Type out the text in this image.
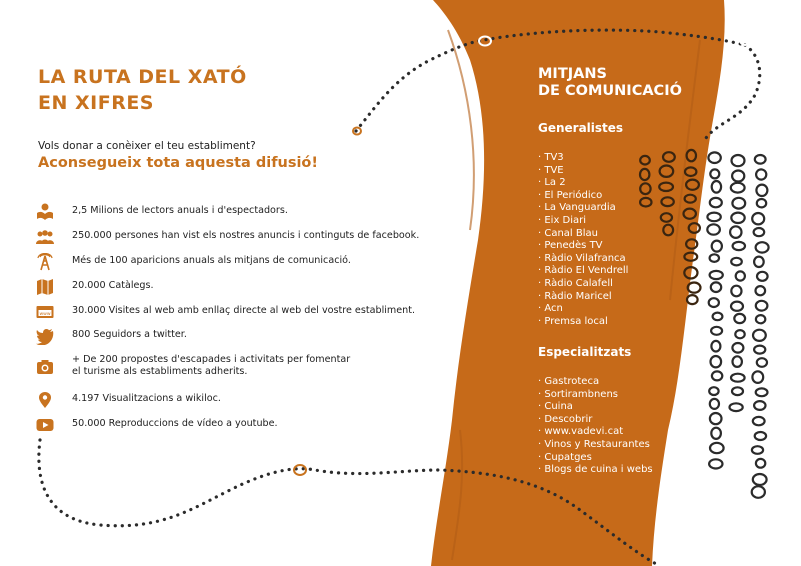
LA RUTA DEL XATÓ
EN XIFRES
Vols donar a conèixer el teu establiment?
Aconsegueix tota aquesta difusió!
2,5 Milions de lectors anuals i d'espectadors.
250.000 persones han vist els nostres anuncis i continguts de facebook.
Més de 100 aparicions anuals als mitjans de comunicació.
20.000 Catàlegs.
www 30.000 Visites al web amb enllaç directe al web del vostre establiment.
800 Seguidors a twitter.
+ De 200 propostes d'escapades i activitats per fomentar
el turisme als establiments adherits.
4.197 Visualitzacions a wikiloc.
50.000 Reproduccions de vídeo a youtube.
MITJANS
DE COMUNICACIÓ
Generalistes
· TV3
· TVE
· La 2
· El Periódico
· La Vanguardia
· Eix Diari
· Canal Blau
· Penedès TV
· Ràdio Vilafranca
· Ràdio El Vendrell
· Ràdio Calafell
· Ràdio Maricel
· Acn
· Premsa local
Especialitzats
· Gastroteca
· Sortirambnens
· Cuina
· Descobrir
· www.vadevi.cat
· Vinos y Restaurantes
· Cupatges
· Blogs de cuina i webs
